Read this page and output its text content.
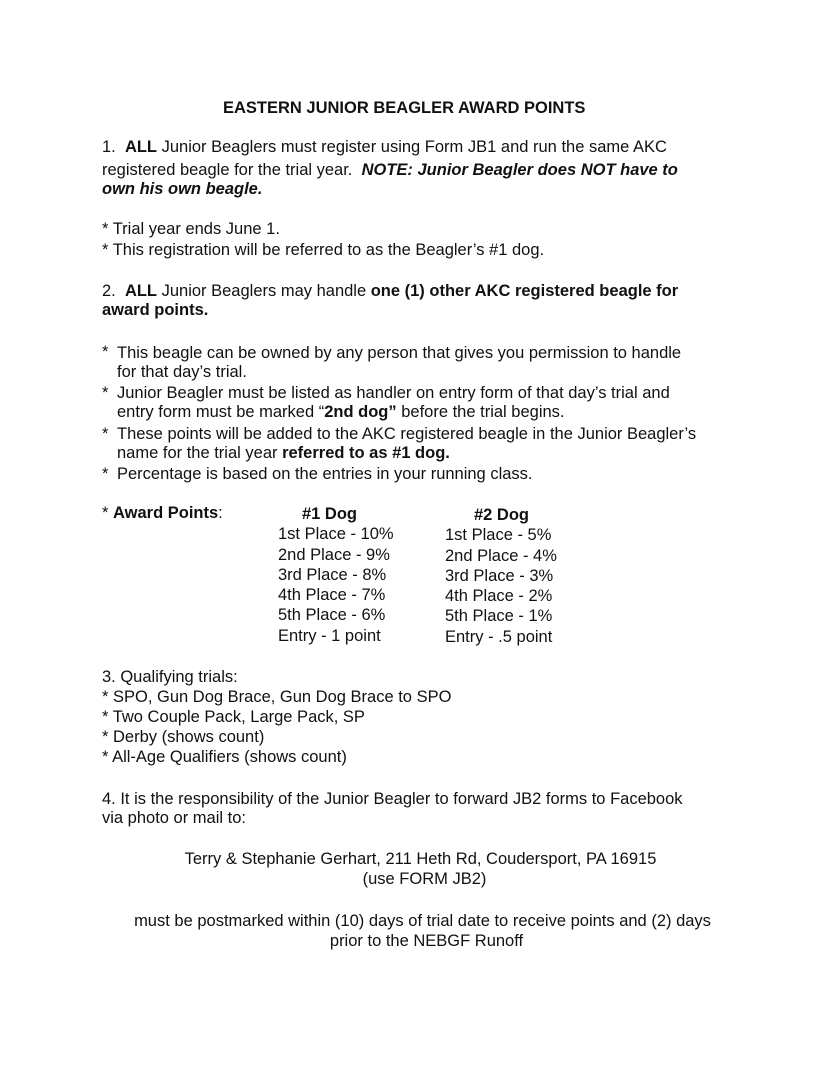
EASTERN JUNIOR BEAGLER AWARD POINTS
1. ALL Junior Beaglers must register using Form JB1 and run the same AKC
registered beagle for the trial year. NOTE: Junior Beagler does NOT have to
own his own beagle.
* Trial year ends June 1.
* This registration will be referred to as the Beagler’s #1 dog.
2. ALL Junior Beaglers may handle one (1) other AKC registered beagle for
award points.
* This beagle can be owned by any person that gives you permission to handle
for that day’s trial.
* Junior Beagler must be listed as handler on entry form of that day’s trial and
entry form must be marked “2nd dog” before the trial begins.
* These points will be added to the AKC registered beagle in the Junior Beagler’s
name for the trial year referred to as #1 dog.
* Percentage is based on the entries in your running class.
* Award Points:	#1 Dog
1st Place - 10%
2nd Place - 9%
3rd Place - 8%
4th Place - 7%
5th Place - 6%
Entry - 1 point
#2 Dog
1st Place - 5%
2nd Place - 4%
3rd Place - 3%
4th Place - 2%
5th Place - 1%
Entry - .5 point
3. Qualifying trials:
* SPO, Gun Dog Brace, Gun Dog Brace to SPO
* Two Couple Pack, Large Pack, SP
* Derby (shows count)
* All-Age Qualifiers (shows count)
4. It is the responsibility of the Junior Beagler to forward JB2 forms to Facebook
via photo or mail to:
Terry & Stephanie Gerhart, 211 Heth Rd, Coudersport, PA 16915
(use FORM JB2)
must be postmarked within (10) days of trial date to receive points and (2) days
prior to the NEBGF Runoff
